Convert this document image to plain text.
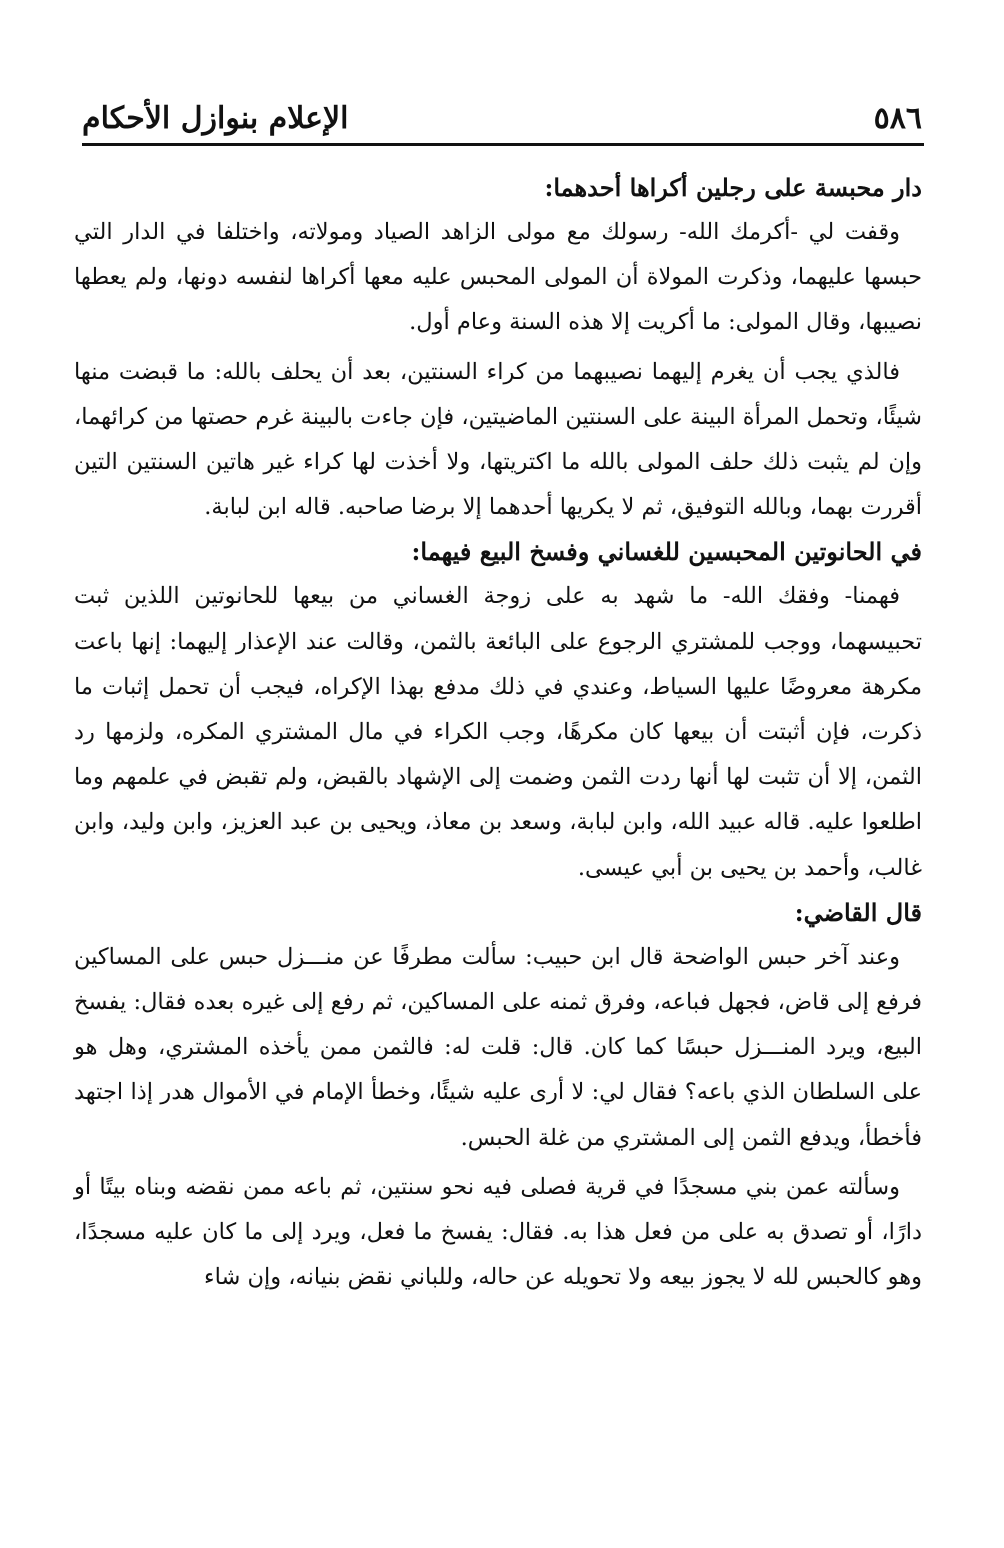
٥٨٦
الإعلام بنوازل الأحكام
دار محبسة على رجلين أكراها أحدهما:

وقفت لي -أكرمك الله- رسولك مع مولى الزاهد الصياد ومولاته، واختلفا في الدار التي حبسها عليهما، وذكرت المولاة أن المولى المحبس عليه معها أكراها لنفسه دونها، ولم يعطها نصيبها، وقال المولى: ما أكريت إلا هذه السنة وعام أول.

فالذي يجب أن يغرم إليهما نصيبهما من كراء السنتين، بعد أن يحلف بالله: ما قبضت منها شيئًا، وتحمل المرأة البينة على السنتين الماضيتين، فإن جاءت بالبينة غرم حصتها من كرائهما، وإن لم يثبت ذلك حلف المولى بالله ما اكتريتها، ولا أخذت لها كراء غير هاتين السنتين التين أقررت بهما، وبالله التوفيق، ثم لا يكريها أحدهما إلا برضا صاحبه. قاله ابن لبابة.

في الحانوتين المحبسين للغساني وفسخ البيع فيهما:

فهمنا- وفقك الله- ما شهد به على زوجة الغساني من بيعها للحانوتين اللذين ثبت تحبيسهما، ووجب للمشتري الرجوع على البائعة بالثمن، وقالت عند الإعذار إليهما: إنها باعت مكرهة معروضًا عليها السياط، وعندي في ذلك مدفع بهذا الإكراه، فيجب أن تحمل إثبات ما ذكرت، فإن أثبتت أن بيعها كان مكرهًا، وجب الكراء في مال المشتري المكره، ولزمها رد الثمن، إلا أن تثبت لها أنها ردت الثمن وضمت إلى الإشهاد بالقبض، ولم تقبض في علمهم وما اطلعوا عليه. قاله عبيد الله، وابن لبابة، وسعد بن معاذ، ويحيى بن عبد العزيز، وابن وليد، وابن غالب، وأحمد بن يحيى بن أبي عيسى.

قال القاضي:

وعند آخر حبس الواضحة قال ابن حبيب: سألت مطرفًا عن منـــزل حبس على المساكين فرفع إلى قاض، فجهل فباعه، وفرق ثمنه على المساكين، ثم رفع إلى غيره بعده فقال: يفسخ البيع، ويرد المنـــزل حبسًا كما كان. قال: قلت له: فالثمن ممن يأخذه المشتري، وهل هو على السلطان الذي باعه؟ فقال لي: لا أرى عليه شيئًا، وخطأ الإمام في الأموال هدر إذا اجتهد فأخطأ، ويدفع الثمن إلى المشتري من غلة الحبس.

وسألته عمن بني مسجدًا في قرية فصلى فيه نحو سنتين، ثم باعه ممن نقضه وبناه بيتًا أو دارًا، أو تصدق به على من فعل هذا به. فقال: يفسخ ما فعل، ويرد إلى ما كان عليه مسجدًا، وهو كالحبس لله لا يجوز بيعه ولا تحويله عن حاله، وللباني نقض بنيانه، وإن شاء
